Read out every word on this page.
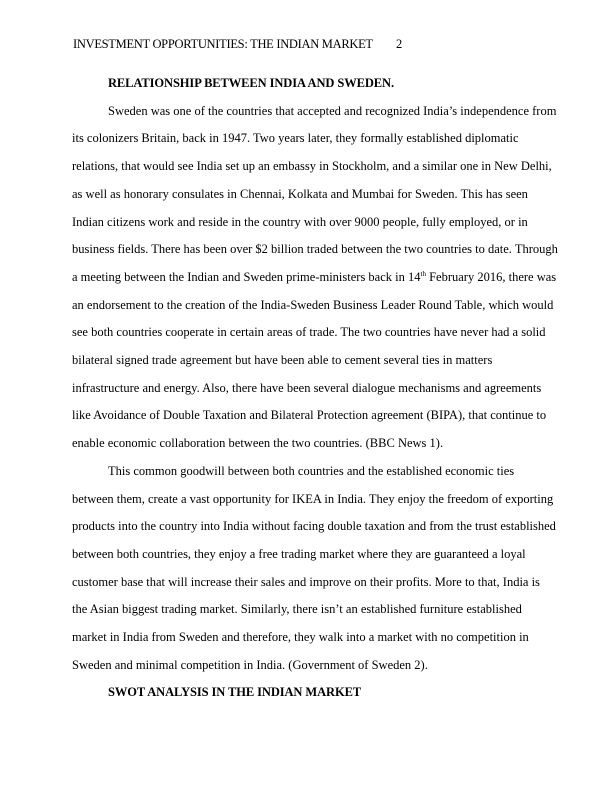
INVESTMENT OPPORTUNITIES: THE INDIAN MARKET 2
RELATIONSHIP BETWEEN INDIA AND SWEDEN.
Sweden was one of the countries that accepted and recognized India’s independence from
its colonizers Britain, back in 1947. Two years later, they formally established diplomatic
relations, that would see India set up an embassy in Stockholm, and a similar one in New Delhi,
as well as honorary consulates in Chennai, Kolkata and Mumbai for Sweden. This has seen
Indian citizens work and reside in the country with over 9000 people, fully employed, or in
business fields. There has been over $2 billion traded between the two countries to date. Through
a meeting between the Indian and Sweden prime-ministers back in 14th February 2016, there was
an endorsement to the creation of the India-Sweden Business Leader Round Table, which would
see both countries cooperate in certain areas of trade. The two countries have never had a solid
bilateral signed trade agreement but have been able to cement several ties in matters
infrastructure and energy. Also, there have been several dialogue mechanisms and agreements
like Avoidance of Double Taxation and Bilateral Protection agreement (BIPA), that continue to
enable economic collaboration between the two countries. (BBC News 1).
This common goodwill between both countries and the established economic ties
between them, create a vast opportunity for IKEA in India. They enjoy the freedom of exporting
products into the country into India without facing double taxation and from the trust established
between both countries, they enjoy a free trading market where they are guaranteed a loyal
customer base that will increase their sales and improve on their profits. More to that, India is
the Asian biggest trading market. Similarly, there isn’t an established furniture established
market in India from Sweden and therefore, they walk into a market with no competition in
Sweden and minimal competition in India. (Government of Sweden 2).
SWOT ANALYSIS IN THE INDIAN MARKET
